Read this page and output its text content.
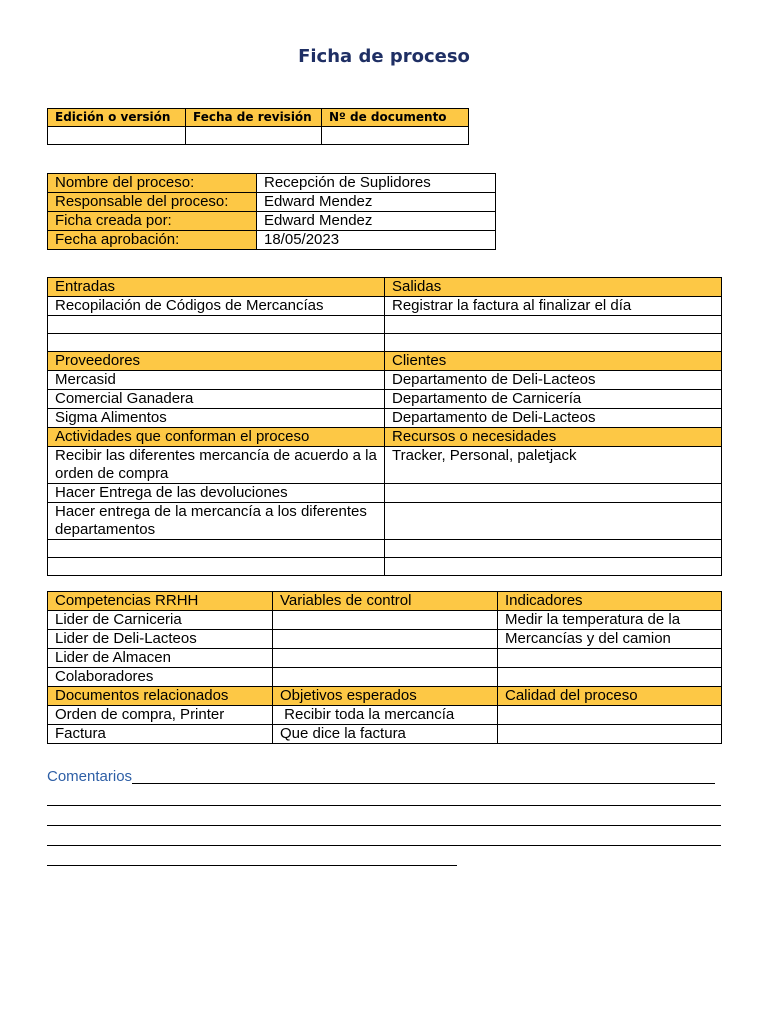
Ficha de proceso
Edición o versión	Fecha de revisión	Nº de documento

Nombre del proceso:	Recepción de Suplidores
Responsable del proceso:	Edward Mendez
Ficha creada por:	Edward Mendez
Fecha aprobación:	18/05/2023
Entradas	Salidas
Recopilación de Códigos de Mercancías	Registrar la factura al finalizar el día

Proveedores	Clientes
Mercasid	Departamento de Deli-Lacteos
Comercial Ganadera	Departamento de Carnicería
Sigma Alimentos	Departamento de Deli-Lacteos
Actividades que conforman el proceso	Recursos o necesidades
Recibir las diferentes mercancía de acuerdo a la orden de compra	Tracker, Personal, paletjack
Hacer Entrega de las devoluciones	
Hacer entrega de la mercancía a los diferentes departamentos	

Competencias RRHH	Variables de control	Indicadores
Lider de Carniceria		Medir la temperatura de la
Lider de Deli-Lacteos		Mercancías y del camion
Lider de Almacen		
Colaboradores		
Documentos relacionados	Objetivos esperados	Calidad del proceso
Orden de compra, Printer	Recibir toda la mercancía	
Factura	Que dice la factura	
Comentarios
